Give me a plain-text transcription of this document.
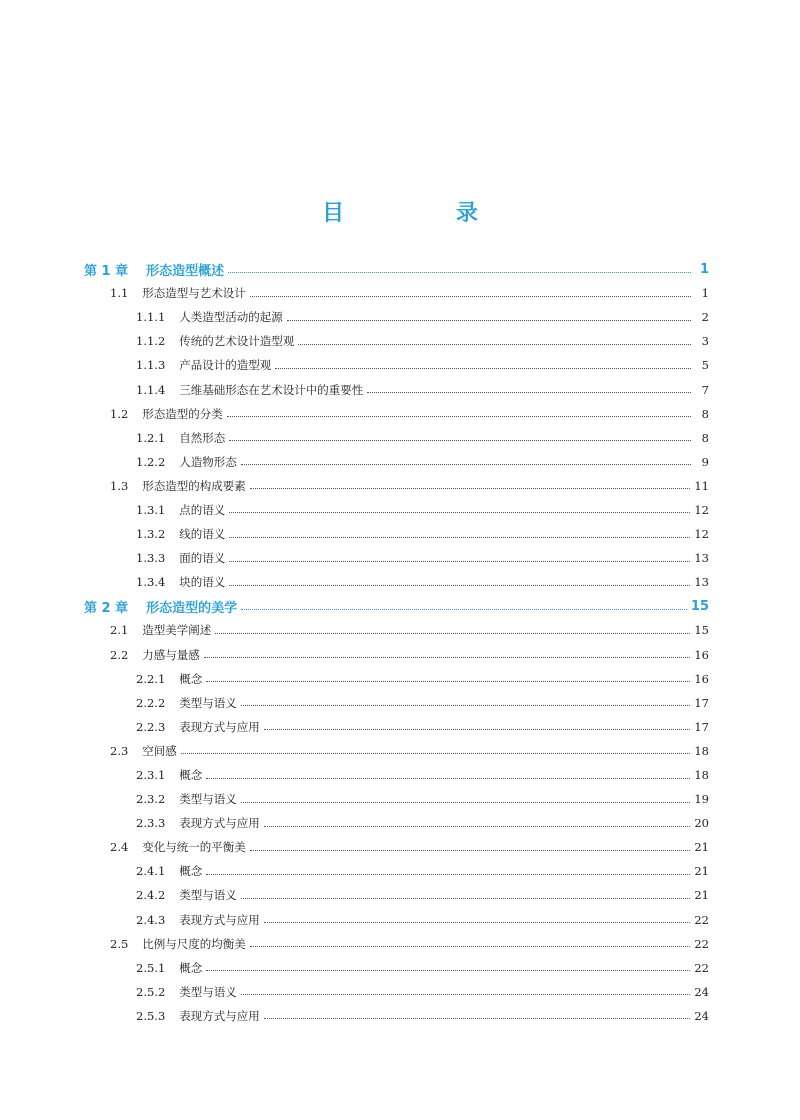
目 录
第 1 章 形态造型概述	1
1.1 形态造型与艺术设计	1
1.1.1 人类造型活动的起源	2
1.1.2 传统的艺术设计造型观	3
1.1.3 产品设计的造型观	5
1.1.4 三维基础形态在艺术设计中的重要性	7
1.2 形态造型的分类	8
1.2.1 自然形态	8
1.2.2 人造物形态	9
1.3 形态造型的构成要素	11
1.3.1 点的语义	12
1.3.2 线的语义	12
1.3.3 面的语义	13
1.3.4 块的语义	13
第 2 章 形态造型的美学	15
2.1 造型美学阐述	15
2.2 力感与量感	16
2.2.1 概念	16
2.2.2 类型与语义	17
2.2.3 表现方式与应用	17
2.3 空间感	18
2.3.1 概念	18
2.3.2 类型与语义	19
2.3.3 表现方式与应用	20
2.4 变化与统一的平衡美	21
2.4.1 概念	21
2.4.2 类型与语义	21
2.4.3 表现方式与应用	22
2.5 比例与尺度的均衡美	22
2.5.1 概念	22
2.5.2 类型与语义	24
2.5.3 表现方式与应用	24
